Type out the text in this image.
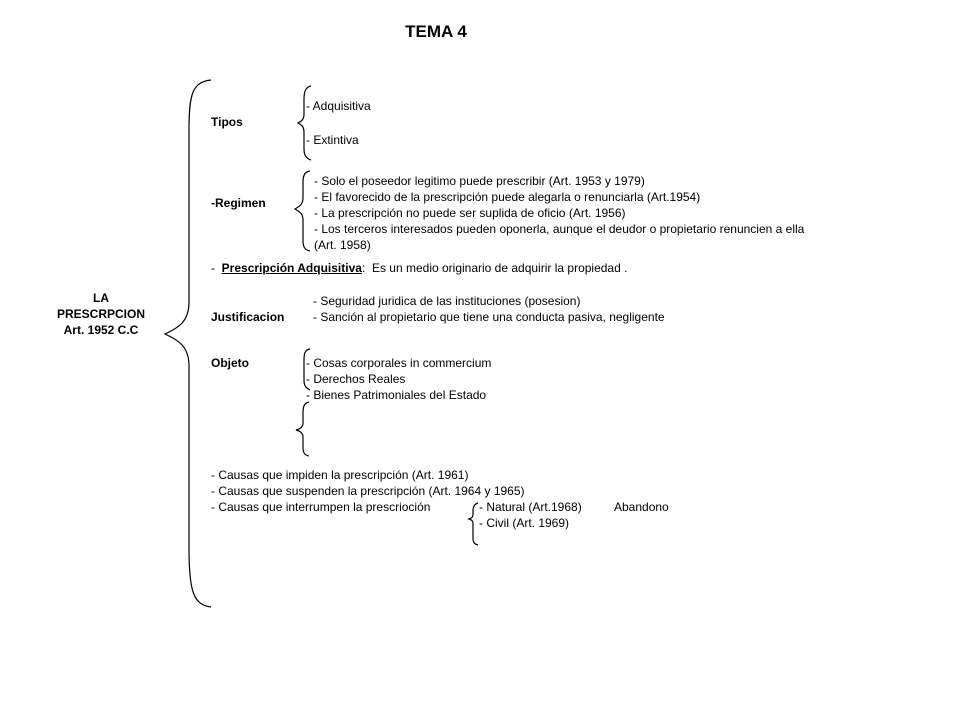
TEMA 4
LA
PRESCRPCION
Art. 1952 C.C
Tipos
- Adquisitiva
- Extintiva
-Regimen
- Solo el poseedor legitimo puede prescribir (Art. 1953 y 1979)
- El favorecido de la prescripción puede alegarla o renunciarla (Art.1954)
- La prescripción no puede ser suplida de oficio (Art. 1956)
- Los terceros interesados pueden oponerla, aunque el deudor o propietario renuncien a ella
(Art. 1958)
- Prescripción Adquisitiva: Es un medio originario de adquirir la propiedad .
Justificacion
- Seguridad juridica de las instituciones (posesion)
- Sanción al propietario que tiene una conducta pasiva, negligente
Objeto	- Cosas corporales in commercium
- Derechos Reales
- Bienes Patrimoniales del Estado
- Causas que impiden la prescripción (Art. 1961)
- Causas que suspenden la prescripción (Art. 1964 y 1965)
- Causas que interrumpen la prescrioción	- Natural (Art.1968)	Abandono
- Civil (Art. 1969)
